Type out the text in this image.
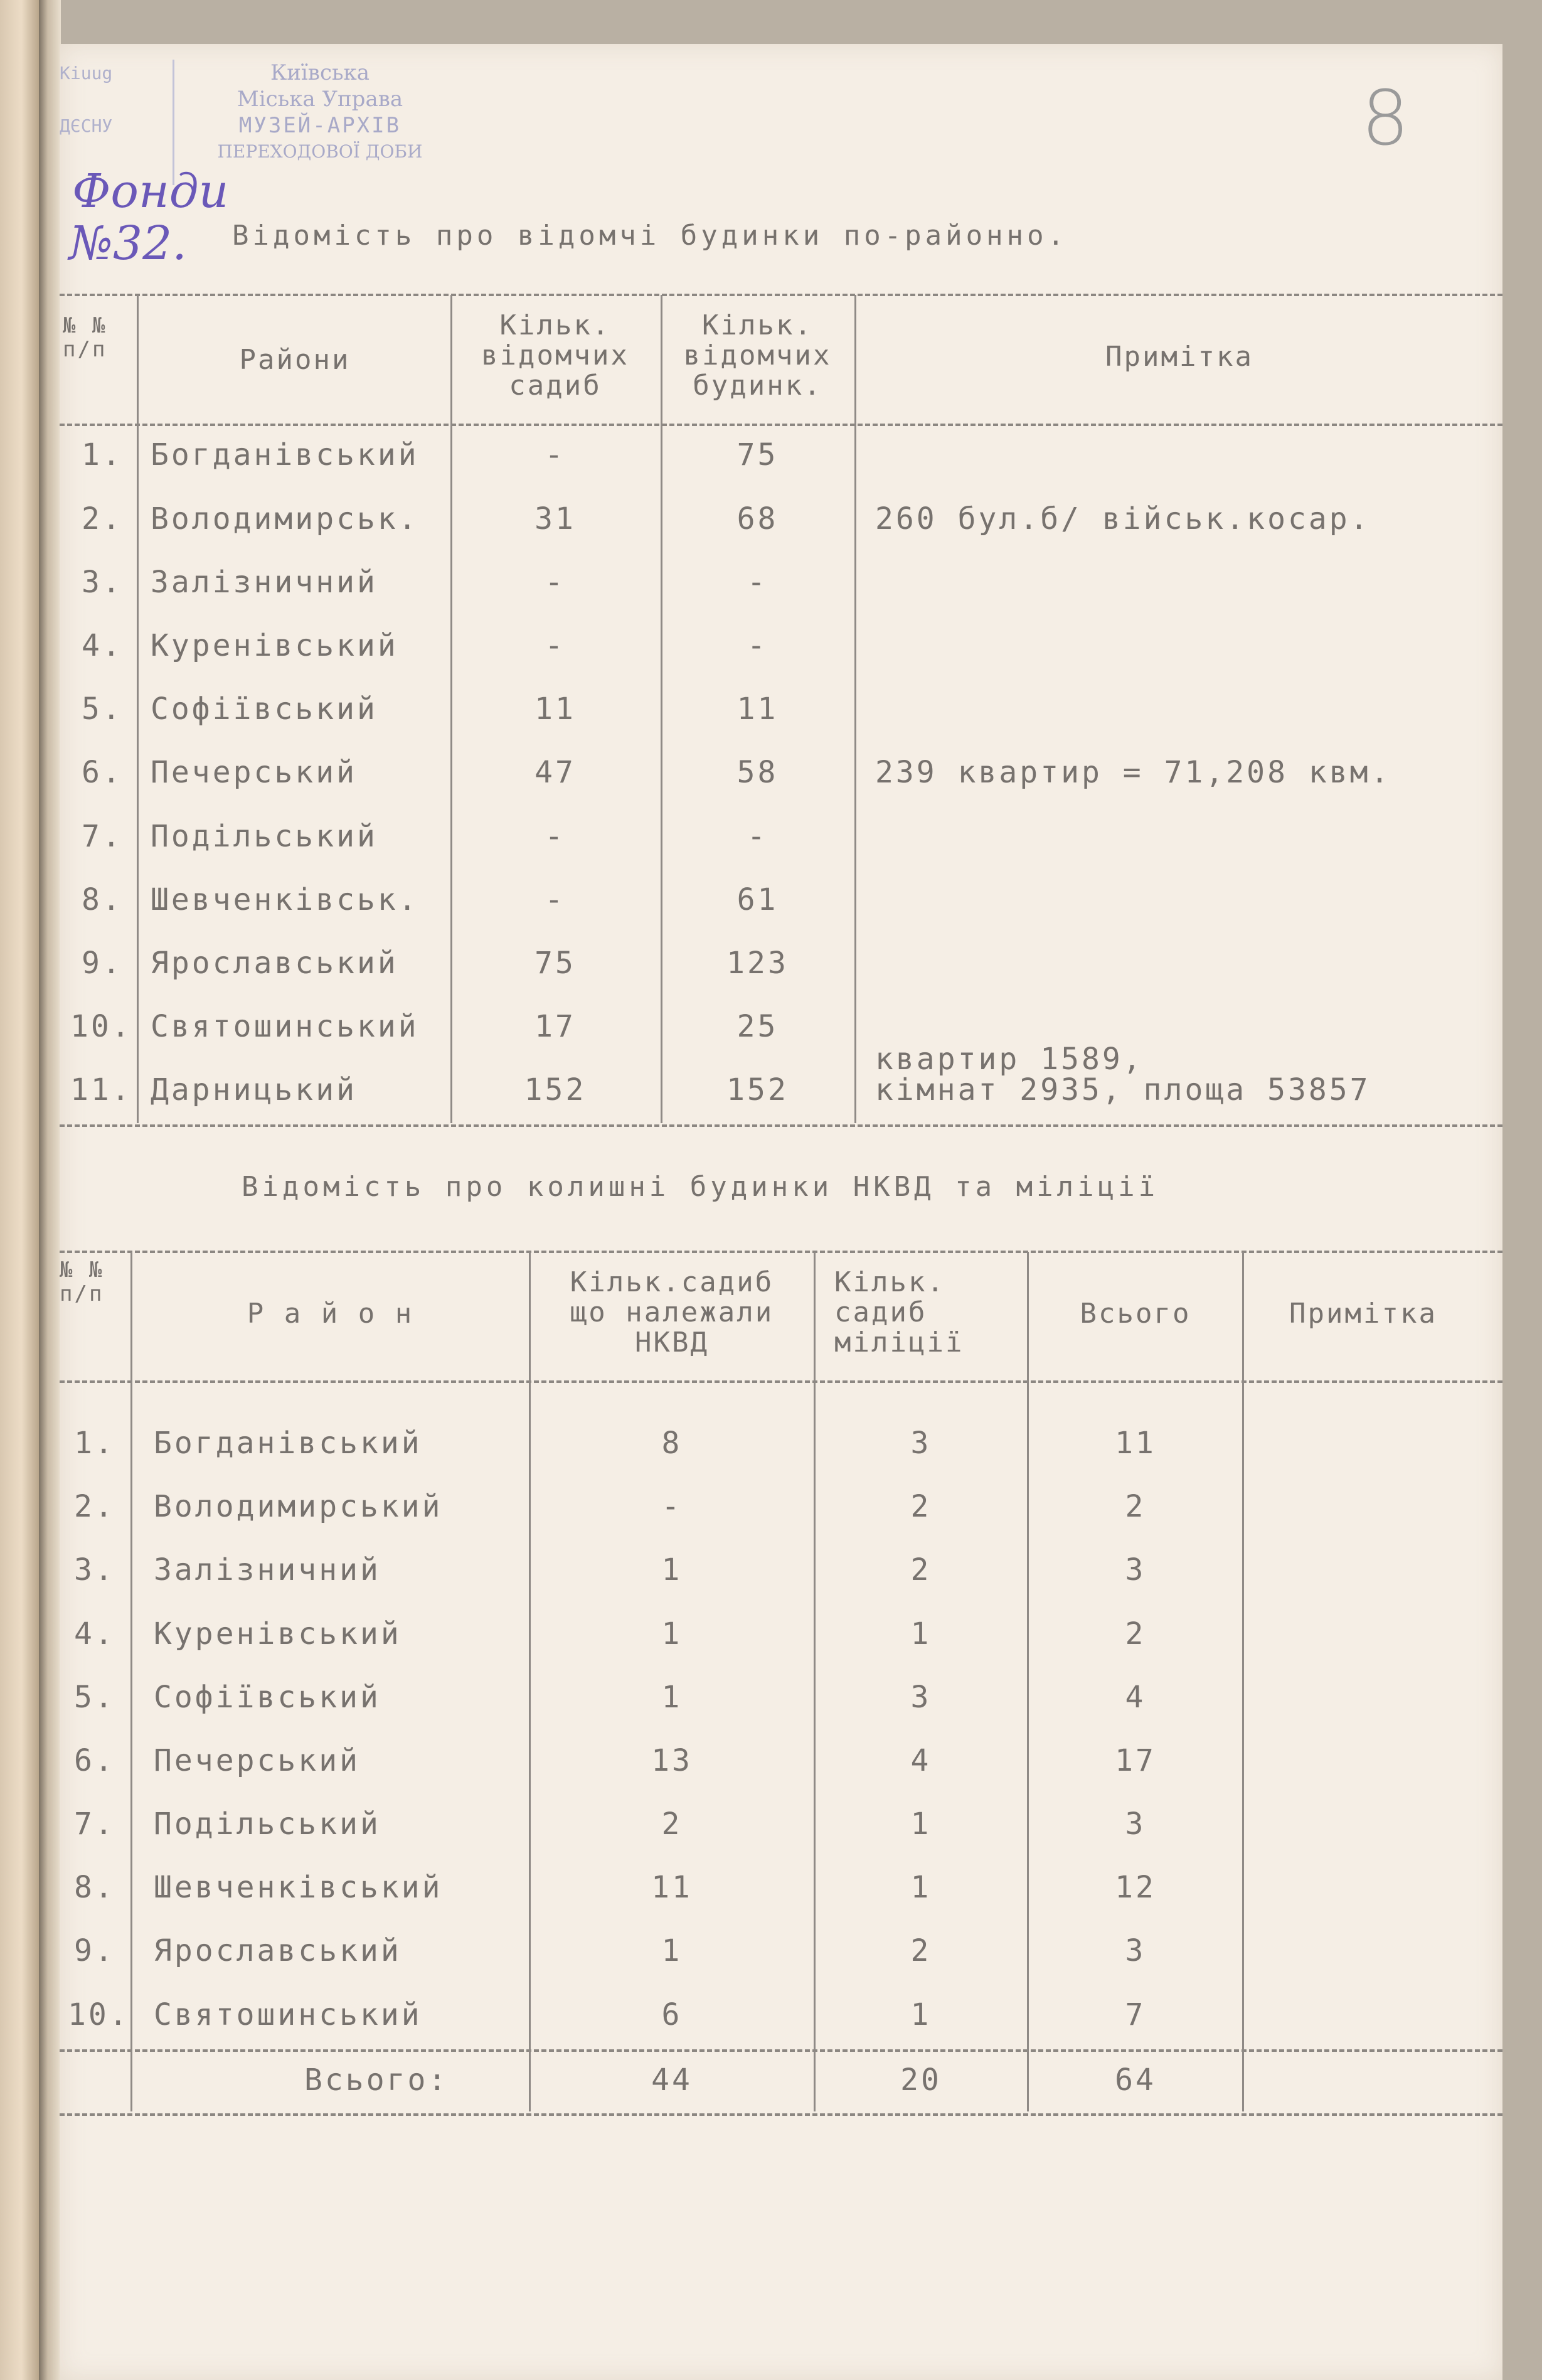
Kiuug
ДЄСНУ
Київська
Міська Управа
МУЗЕЙ-АРХІВ
ПЕРЕХОДОВОЇ ДОБИ
Фонди
№32.
8
Відомість про відомчі будинки по-районно.
№ №
п/п	Райони
Кільк.
відомчих
садиб
Кільк.
відомчих
будинк.
Примітка
1. Богданівський	-	75
2. Володимирськ.	31	68	260 бул.б/ військ.косар.
3. Залізничний	-	-
4. Куренівський	-	-
5. Софіївський	11	11
6. Печерський	47	58	239 квартир = 71,208 квм.
7. Подільський	-	-
8. Шевченківськ.	-	61
9. Ярославський	75	123
10. Святошинський	17	25
11. Дарницький	152	152
квартир 1589,
кімнат 2935, площа 53857
Відомість про колишні будинки НКВД та міліції
№ №
п/п
Р а й о н
Кільк.садиб
що належали
НКВД
Кільк.
садиб
міліції
Всього	Примітка
1. Богданівський	8	3	11
2. Володимирський	-	2	2
3. Залізничний	1	2	3
4. Куренівський	1	1	2
5. Софіївський	1	3	4
6. Печерський	13	4	17
7. Подільський	2	1	3
8. Шевченківський	11	1	12
9. Ярославський	1	2	3
10. Святошинський	6	1	7
Всього:	44	20	64
